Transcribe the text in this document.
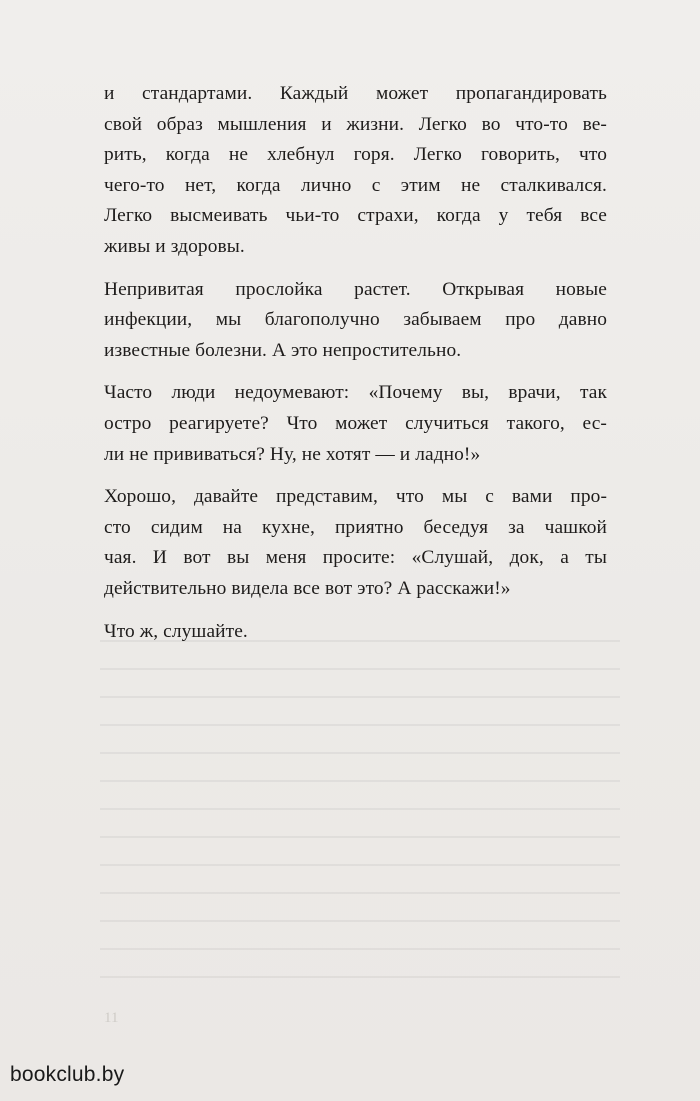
и стандартами. Каждый может пропагандировать
свой образ мышления и жизни. Легко во что-то ве-
рить, когда не хлебнул горя. Легко говорить, что
чего-то нет, когда лично с этим не сталкивался.
Легко высмеивать чьи-то страхи, когда у тебя все
живы и здоровы.

Непривитая прослойка растет. Открывая новые
инфекции, мы благополучно забываем про давно
известные болезни. А это непростительно.

Часто люди недоумевают: «Почему вы, врачи, так
остро реагируете? Что может случиться такого, ес-
ли не прививаться? Ну, не хотят — и ладно!»

Хорошо, давайте представим, что мы с вами про-
сто сидим на кухне, приятно беседуя за чашкой
чая. И вот вы меня просите: «Слушай, док, а ты
действительно видела все вот это? А расскажи!»

Что ж, слушайте.

11
bookclub.by
